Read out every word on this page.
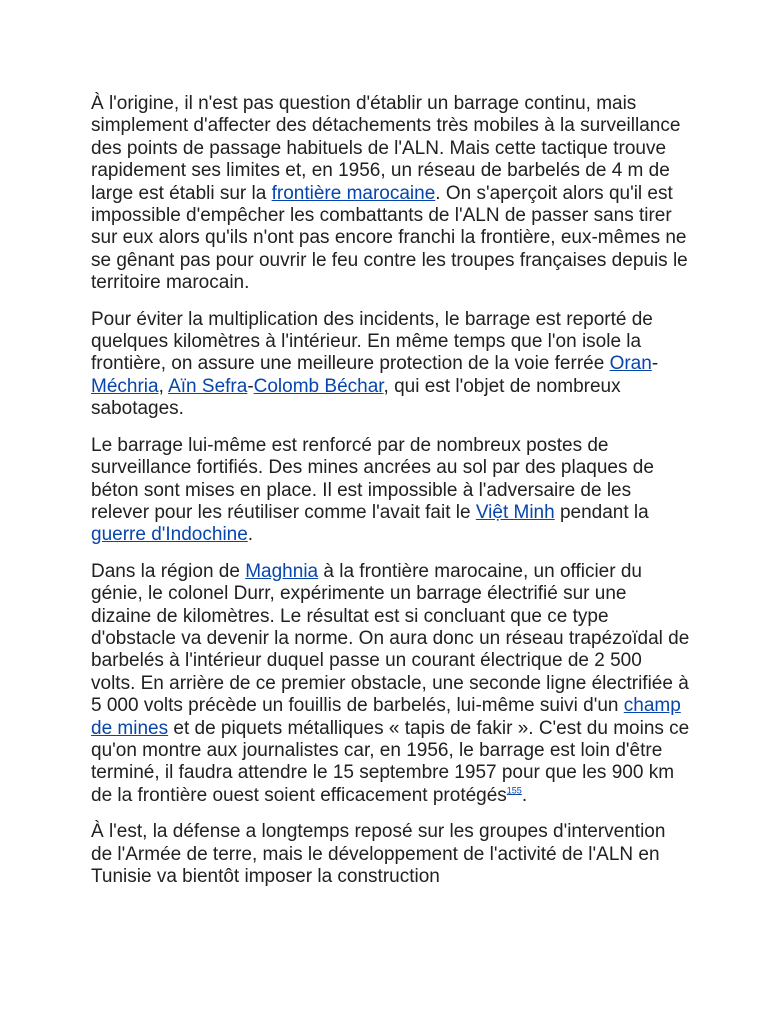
À l'origine, il n'est pas question d'établir un barrage continu, mais simplement d'affecter des détachements très mobiles à la surveillance des points de passage habituels de l'ALN. Mais cette tactique trouve rapidement ses limites et, en 1956, un réseau de barbelés de 4 m de large est établi sur la frontière marocaine. On s'aperçoit alors qu'il est impossible d'empêcher les combattants de l'ALN de passer sans tirer sur eux alors qu'ils n'ont pas encore franchi la frontière, eux-mêmes ne se gênant pas pour ouvrir le feu contre les troupes françaises depuis le territoire marocain.

Pour éviter la multiplication des incidents, le barrage est reporté de quelques kilomètres à l'intérieur. En même temps que l'on isole la frontière, on assure une meilleure protection de la voie ferrée Oran-Méchria, Aïn Sefra-Colomb Béchar, qui est l'objet de nombreux sabotages.

Le barrage lui-même est renforcé par de nombreux postes de surveillance fortifiés. Des mines ancrées au sol par des plaques de béton sont mises en place. Il est impossible à l'adversaire de les relever pour les réutiliser comme l'avait fait le Việt Minh pendant la guerre d'Indochine.

Dans la région de Maghnia à la frontière marocaine, un officier du génie, le colonel Durr, expérimente un barrage électrifié sur une dizaine de kilomètres. Le résultat est si concluant que ce type d'obstacle va devenir la norme. On aura donc un réseau trapézoïdal de barbelés à l'intérieur duquel passe un courant électrique de 2 500 volts. En arrière de ce premier obstacle, une seconde ligne électrifiée à 5 000 volts précède un fouillis de barbelés, lui-même suivi d'un champ de mines et de piquets métalliques « tapis de fakir ». C'est du moins ce qu'on montre aux journalistes car, en 1956, le barrage est loin d'être terminé, il faudra attendre le 15 septembre 1957 pour que les 900 km de la frontière ouest soient efficacement protégés$^{155}$.

À l'est, la défense a longtemps reposé sur les groupes d'intervention de l'Armée de terre, mais le développement de l'activité de l'ALN en Tunisie va bientôt imposer la construction
